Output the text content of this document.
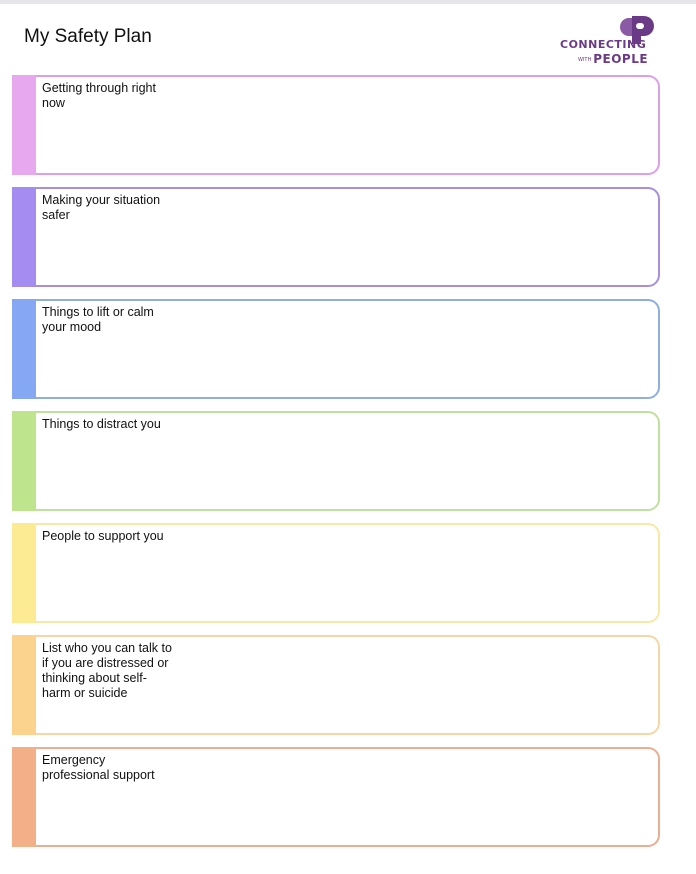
My Safety Plan	CONNECTING
WITH PEOPLE
Getting through right now
Making your situation safer
Things to lift or calm your mood
Things to distract you
People to support you
List who you can talk to if you are distressed or thinking about self-harm or suicide
Emergency professional support
